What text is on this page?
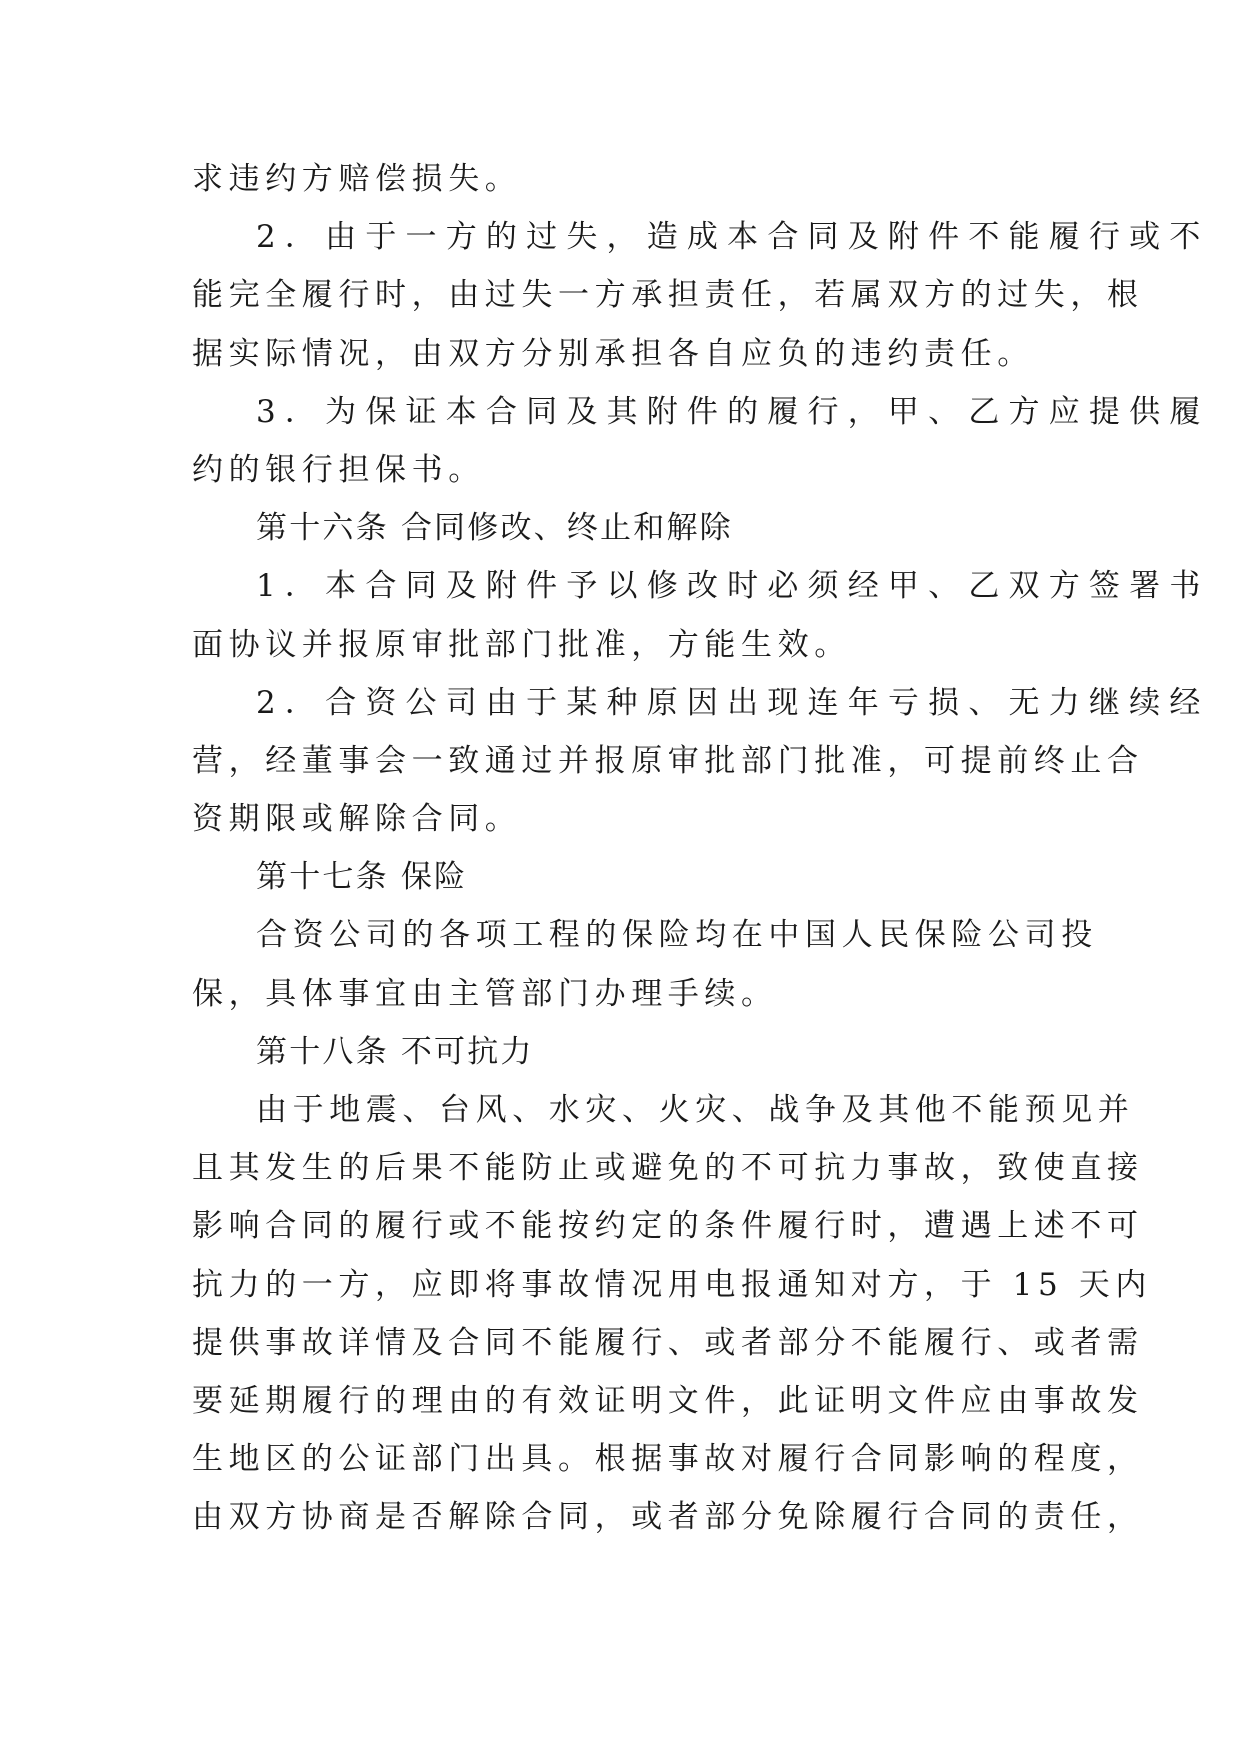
求违约方赔偿损失。
2．由于一方的过失，造成本合同及附件不能履行或不
能完全履行时，由过失一方承担责任，若属双方的过失，根
据实际情况，由双方分别承担各自应负的违约责任。
3．为保证本合同及其附件的履行，甲、乙方应提供履
约的银行担保书。
第十六条 合同修改、终止和解除
1．本合同及附件予以修改时必须经甲、乙双方签署书
面协议并报原审批部门批准，方能生效。
2．合资公司由于某种原因出现连年亏损、无力继续经
营，经董事会一致通过并报原审批部门批准，可提前终止合
资期限或解除合同。
第十七条 保险
合资公司的各项工程的保险均在中国人民保险公司投
保，具体事宜由主管部门办理手续。
第十八条 不可抗力
由于地震、台风、水灾、火灾、战争及其他不能预见并
且其发生的后果不能防止或避免的不可抗力事故，致使直接
影响合同的履行或不能按约定的条件履行时，遭遇上述不可
抗力的一方，应即将事故情况用电报通知对方，于 15 天内
提供事故详情及合同不能履行、或者部分不能履行、或者需
要延期履行的理由的有效证明文件，此证明文件应由事故发
生地区的公证部门出具。根据事故对履行合同影响的程度，
由双方协商是否解除合同，或者部分免除履行合同的责任，
